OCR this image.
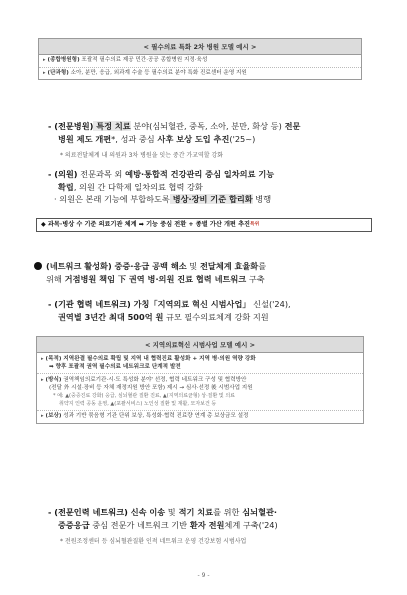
< 필수의료 특화 2차 병원 모델 예시 >
▸ (종합병원형) 포괄적 필수의료 제공 민간·공공 종합병원 지정·육성
▸ (단과형) 소아, 분만, 응급, 외과계 수술 등 필수의료 분야 특화 진료센터 운영 지원
- (전문병원) 특정 치료 분야(심뇌혈관, 중독, 소아, 분만, 화상 등) 전문
병원 제도 개편*, 성과 중심 사후 보상 도입 추진('25~)
* 의료전달체계 내 의원과 3차 병원을 잇는 중간 가교역할 강화
- (의원) 전문과목 외 예방·통합적 건강관리 중심 일차의료 기능
확립, 의원 간 다학제 일차의료 협력 강화
· 의원은 본래 기능에 부합하도록 병상·장비 기준 합리화 병행
◆ 과목·병상 수 기준 의료기관 체계 ➡ 기능 중심 전환 + 종별 가산 개편 추진$^{특위}$
(네트워크 활성화) 중증·응급 공백 해소 및 전달체계 효율화를
위해 거점병원 책임 下 권역 병·의원 진료 협력 네트워크 구축
- (기관 협력 네트워크) 가칭「지역의료 혁신 시범사업」 신설('24),
권역별 3년간 최대 500억 원 규모 필수의료체계 강화 지원
< 지역의료혁신 시범사업 모델 예시 >
▸ (목적) 지역완결 필수의료 확립 및 지역 내 협력진료 활성화 + 지역 병·의원 역량 강화
➡ 향후 포괄적 권역 필수의료 네트워크로 단계적 발전
▸ (방식) 권역책임의료기관·시·도 특성화 분야' 선정, 협력 네트워크 구성 및 협력방안
(전달 外 시설·장비 등 자체 재정지원 방안 포함) 제시 → 심사·선정 後 시범사업 지원
* 예: ▲(중증진료 강화) 응급, 심뇌혈관 질환 진료, ▲(지역의료균형) 상·질환 및 의료
취약지 인력 공동 운영, ▲(포괄서비스) 노인성 질환 및 재활, 모자보건 등
▸ (보상) 성과 기반 묶음형 기관 단위 보상, 특성화·협력 진료량 연계 총 보상금모 설정
- (전문인력 네트워크) 신속 이송 및 적기 치료를 위한 심뇌혈관·
중증응급 중심 전문가 네트워크 기반 환자 전원체계 구축('24)
* 전원조정센터 등 심뇌혈관질환 인적 네트워크 운영 건강보험 시범사업
- 9 -
